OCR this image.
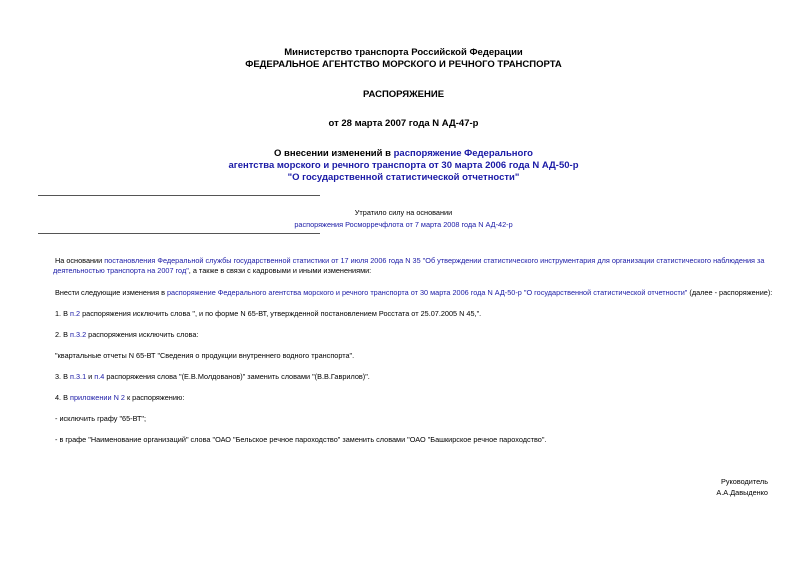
Министерство транспорта Российской Федерации
ФЕДЕРАЛЬНОЕ АГЕНТСТВО МОРСКОГО И РЕЧНОГО ТРАНСПОРТА
РАСПОРЯЖЕНИЕ
от 28 марта 2007 года N АД-47-р
О внесении изменений в распоряжение Федерального
агентства морского и речного транспорта от 30 марта 2006 года N АД-50-р
"О государственной статистической отчетности"
Утратило силу на основании
распоряжения Росморречфлота от 7 марта 2008 года N АД-42-р
На основании постановления Федеральной службы государственной статистики от 17 июля 2006 года N 35 "Об утверждении статистического инструментария для организации статистического наблюдения за
деятельностью транспорта на 2007 год", а также в связи с кадровыми и иными изменениями:
Внести следующие изменения в распоряжение Федерального агентства морского и речного транспорта от 30 марта 2006 года N АД-50-р "О государственной статистической отчетности" (далее - распоряжение):
1. В п.2 распоряжения исключить слова ", и по форме N 65-ВТ, утвержденной постановлением Росстата от 25.07.2005 N 45,".
2. В п.3.2 распоряжения исключить слова:
"квартальные отчеты N 65-ВТ "Сведения о продукции внутреннего водного транспорта".
3. В п.3.1 и п.4 распоряжения слова "(Е.В.Молдованов)" заменить словами "(В.В.Гаврилов)".
4. В приложении N 2 к распоряжению:
- исключить графу "65-ВТ";
- в графе "Наименование организаций" слова "ОАО "Бельское речное пароходство" заменить словами "ОАО "Башкирское речное пароходство".
Руководитель
А.А.Давыденко
